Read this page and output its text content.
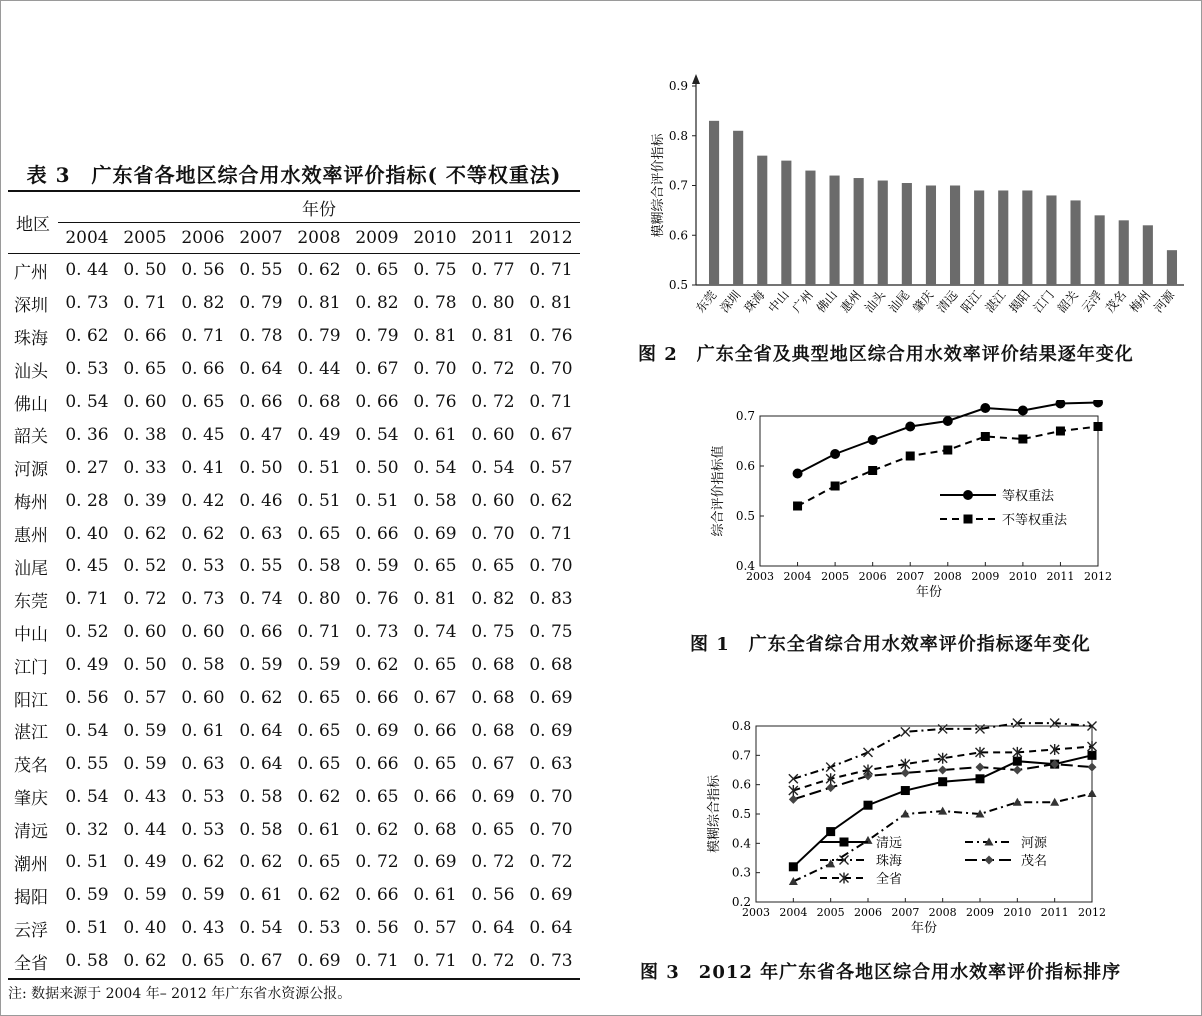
表 3　广东省各地区综合用水效率评价指标( 不等权重法)
地区	年份								
	2004	2005	2006	2007	2008	2009	2010	2011	2012
广州	0. 44	0. 50	0. 56	0. 55	0. 62	0. 65	0. 75	0. 77	0. 71
深圳	0. 73	0. 71	0. 82	0. 79	0. 81	0. 82	0. 78	0. 80	0. 81
珠海	0. 62	0. 66	0. 71	0. 78	0. 79	0. 79	0. 81	0. 81	0. 76
汕头	0. 53	0. 65	0. 66	0. 64	0. 44	0. 67	0. 70	0. 72	0. 70
佛山	0. 54	0. 60	0. 65	0. 66	0. 68	0. 66	0. 76	0. 72	0. 71
韶关	0. 36	0. 38	0. 45	0. 47	0. 49	0. 54	0. 61	0. 60	0. 67
河源	0. 27	0. 33	0. 41	0. 50	0. 51	0. 50	0. 54	0. 54	0. 57
梅州	0. 28	0. 39	0. 42	0. 46	0. 51	0. 51	0. 58	0. 60	0. 62
惠州	0. 40	0. 62	0. 62	0. 63	0. 65	0. 66	0. 69	0. 70	0. 71
汕尾	0. 45	0. 52	0. 53	0. 55	0. 58	0. 59	0. 65	0. 65	0. 70
东莞	0. 71	0. 72	0. 73	0. 74	0. 80	0. 76	0. 81	0. 82	0. 83
中山	0. 52	0. 60	0. 60	0. 66	0. 71	0. 73	0. 74	0. 75	0. 75
江门	0. 49	0. 50	0. 58	0. 59	0. 59	0. 62	0. 65	0. 68	0. 68
阳江	0. 56	0. 57	0. 60	0. 62	0. 65	0. 66	0. 67	0. 68	0. 69
湛江	0. 54	0. 59	0. 61	0. 64	0. 65	0. 69	0. 66	0. 68	0. 69
茂名	0. 55	0. 59	0. 63	0. 64	0. 65	0. 66	0. 65	0. 67	0. 63
肇庆	0. 54	0. 43	0. 53	0. 58	0. 62	0. 65	0. 66	0. 69	0. 70
清远	0. 32	0. 44	0. 53	0. 58	0. 61	0. 62	0. 68	0. 65	0. 70
潮州	0. 51	0. 49	0. 62	0. 62	0. 65	0. 72	0. 69	0. 72	0. 72
揭阳	0. 59	0. 59	0. 59	0. 61	0. 62	0. 66	0. 61	0. 56	0. 69
云浮	0. 51	0. 40	0. 43	0. 54	0. 53	0. 56	0. 57	0. 64	0. 64
全省	0. 58	0. 62	0. 65	0. 67	0. 69	0. 71	0. 71	0. 72	0. 73
注: 数据来源于 2004 年– 2012 年广东省水资源公报。
0.5
0.6
0.7
0.8
0.9
模糊综合评价指标
东莞
深圳
珠海
中山
广州
佛山
惠州
汕头
汕尾
肇庆
清远
阳江
湛江
揭阳
江门
韶关
云浮
茂名
梅州
河源
图 2　广东全省及典型地区综合用水效率评价结果逐年变化
0.4
0.5
0.6
0.7
2003 2004 2005 2006 2007 2008 2009 2010 2011 2012
年份
综合评价指标值	等权重法
不等权重法
图 1　广东全省综合用水效率评价指标逐年变化
0.2
0.3
0.4
0.5
0.6
0.7
0.8
2003 2004 2005 2006 2007 2008 2009 2010 2011 2012
年份
模糊综合指标	清远	河源
珠海	茂名
全省
图 3　2012 年广东省各地区综合用水效率评价指标排序
